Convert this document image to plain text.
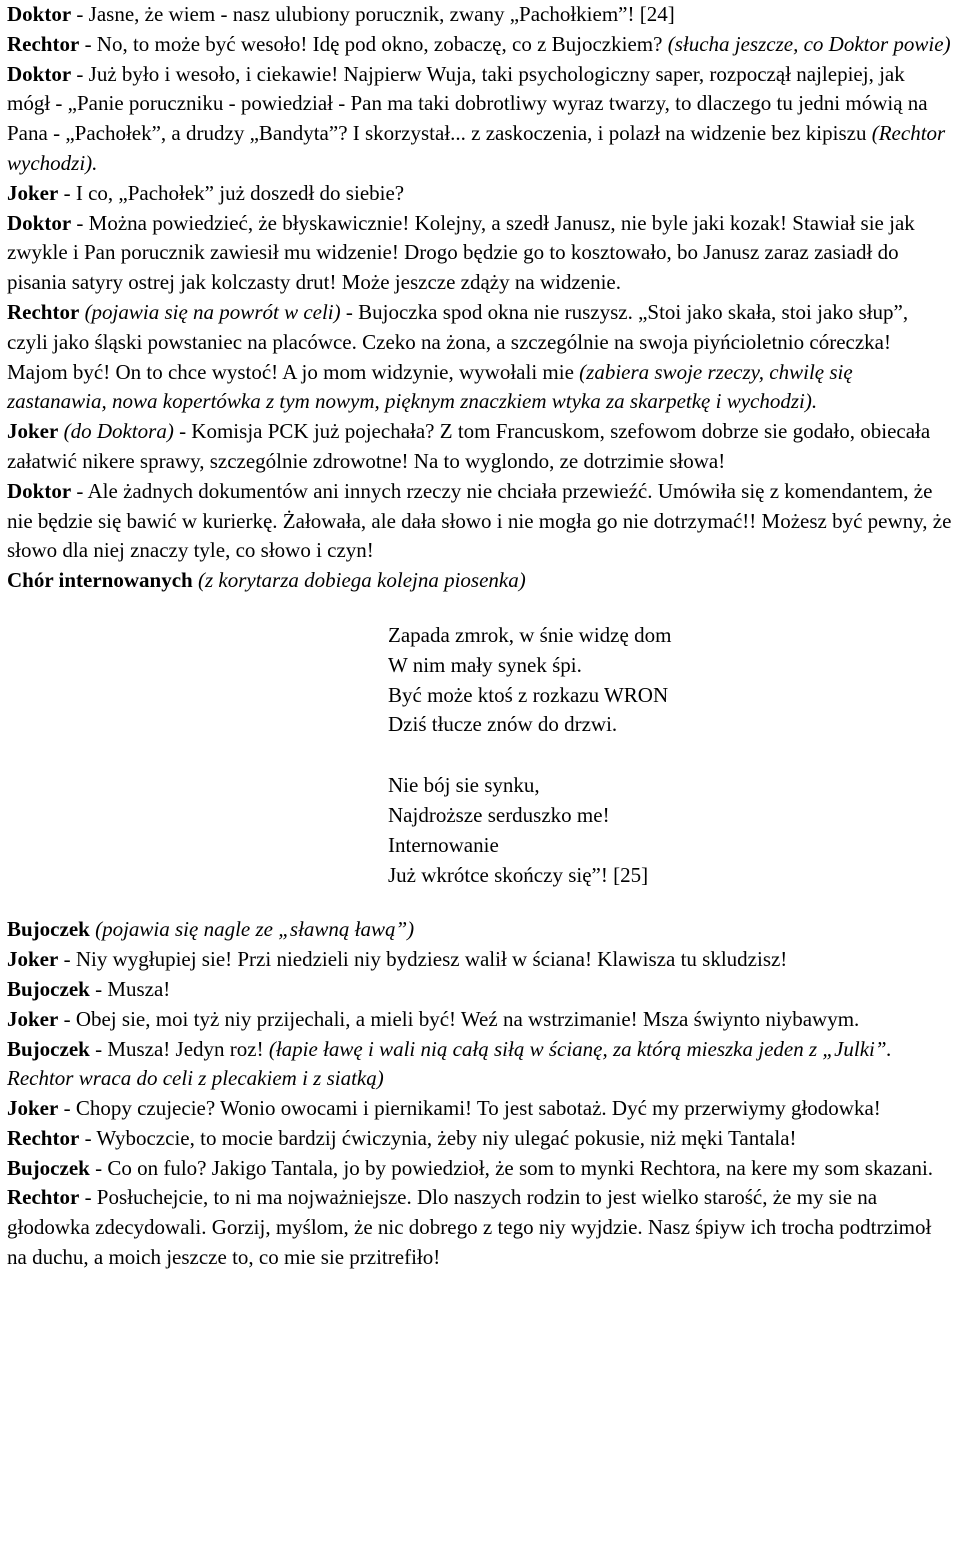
Doktor - Jasne, że wiem - nasz ulubiony porucznik, zwany „Pachołkiem”! [24]

Rechtor - No, to może być wesoło! Idę pod okno, zobaczę, co z Bujoczkiem? (słucha jeszcze, co Doktor powie)

Doktor - Już było i wesoło, i ciekawie! Najpierw Wuja, taki psychologiczny saper, rozpoczął najlepiej, jak mógł - „Panie poruczniku - powiedział - Pan ma taki dobrotliwy wyraz twarzy, to dlaczego tu jedni mówią na Pana - „Pachołek”, a drudzy „Bandyta”? I skorzystał... z zaskoczenia, i polazł na widzenie bez kipiszu (Rechtor wychodzi).

Joker - I co, „Pachołek” już doszedł do siebie?

Doktor - Można powiedzieć, że błyskawicznie! Kolejny, a szedł Janusz, nie byle jaki kozak! Stawiał sie jak zwykle i Pan porucznik zawiesił mu widzenie! Drogo będzie go to kosztowało, bo Janusz zaraz zasiadł do pisania satyry ostrej jak kolczasty drut! Może jeszcze zdąży na widzenie.

Rechtor (pojawia się na powrót w celi) - Bujoczka spod okna nie ruszysz. „Stoi jako skała, stoi jako słup”, czyli jako śląski powstaniec na placówce. Czeko na żona, a szczególnie na swoja piyńcioletnio córeczka! Majom być! On to chce wystoć! A jo mom widzynie, wywołali mie (zabiera swoje rzeczy, chwilę się zastanawia, nowa kopertówka z tym nowym, pięknym znaczkiem wtyka za skarpetkę i wychodzi).

Joker (do Doktora) - Komisja PCK już pojechała? Z tom Francuskom, szefowom dobrze sie godało, obiecała załatwić nikere sprawy, szczególnie zdrowotne! Na to wyglondo, ze dotrzimie słowa!

Doktor - Ale żadnych dokumentów ani innych rzeczy nie chciała przewieźć. Umówiła się z komendantem, że nie będzie się bawić w kurierkę. Żałowała, ale dała słowo i nie mogła go nie dotrzymać!! Możesz być pewny, że słowo dla niej znaczy tyle, co słowo i czyn!

Chór internowanych (z korytarza dobiega kolejna piosenka)

Zapada zmrok, w śnie widzę dom
W nim mały synek śpi.
Być może ktoś z rozkazu WRON
Dziś tłucze znów do drzwi.
Nie bój sie synku,
Najdroższe serduszko me!
Internowanie
Już wkrótce skończy się”! [25]

Bujoczek (pojawia się nagle ze „sławną ławą”)

Joker - Niy wygłupiej sie! Przi niedzieli niy bydziesz walił w ściana! Klawisza tu skludzisz!

Bujoczek - Musza!

Joker - Obej sie, moi tyż niy przijechali, a mieli być! Weź na wstrzimanie! Msza świynto niybawym.

Bujoczek - Musza! Jedyn roz! (łapie ławę i wali nią całą siłą w ścianę, za którą mieszka jeden z „Julki”. Rechtor wraca do celi z plecakiem i z siatką)

Joker - Chopy czujecie? Wonio owocami i piernikami! To jest sabotaż. Dyć my przerwiymy głodowka!

Rechtor - Wyboczcie, to mocie bardzij ćwiczynia, żeby niy ulegać pokusie, niż męki Tantala!

Bujoczek - Co on fulo? Jakigo Tantala, jo by powiedzioł, że som to mynki Rechtora, na kere my som skazani.

Rechtor - Posłuchejcie, to ni ma nojważniejsze. Dlo naszych rodzin to jest wielko starość, że my sie na głodowka zdecydowali. Gorzij, myślom, że nic dobrego z tego niy wyjdzie. Nasz śpiyw ich trocha podtrzimoł na duchu, a moich jeszcze to, co mie sie przitrefiło!
